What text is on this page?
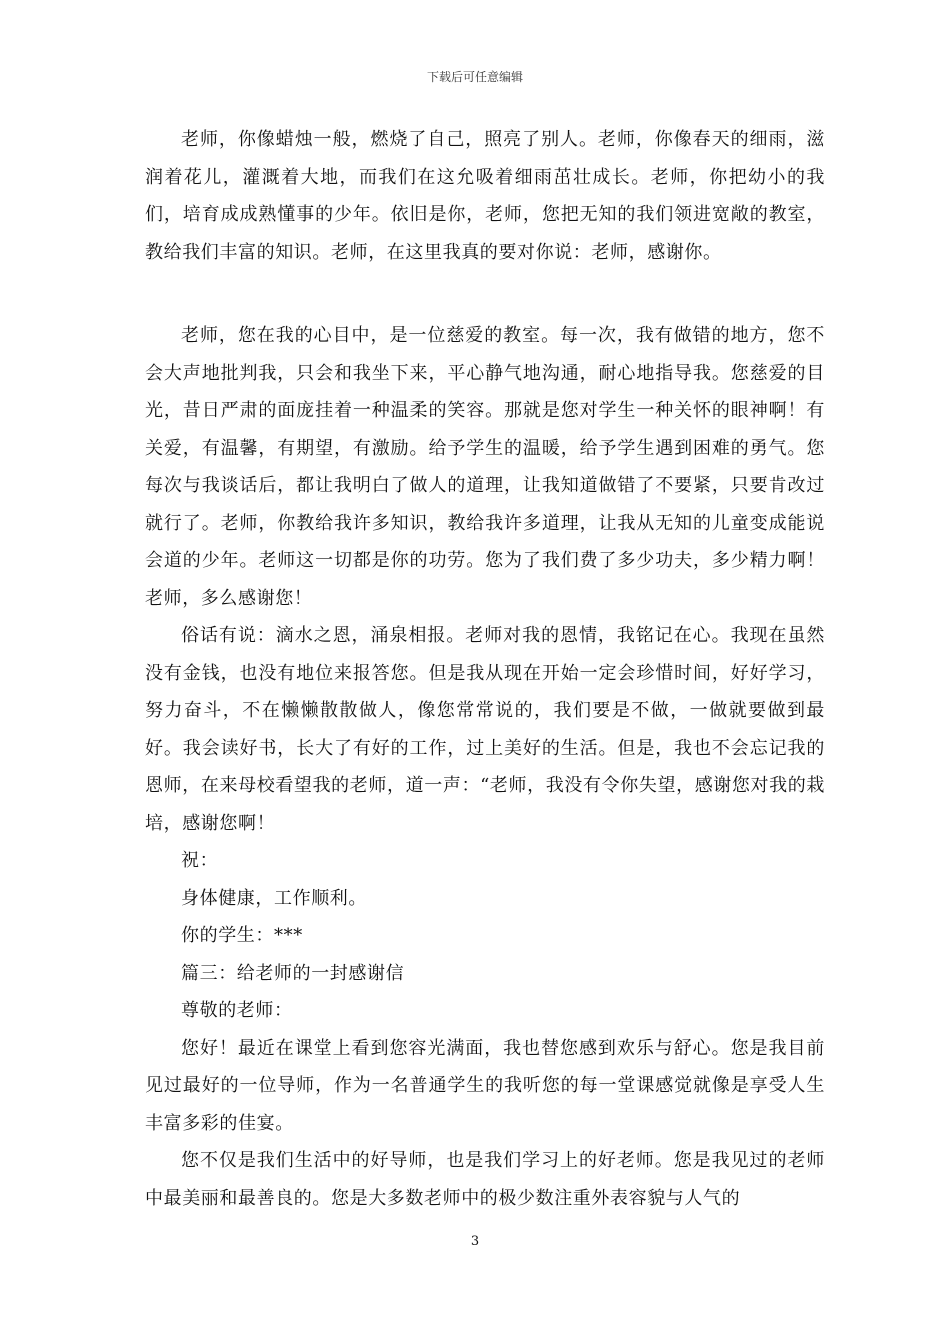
下载后可任意编辑

老师，你像蜡烛一般，燃烧了自己，照亮了别人。老师，你像春天的细雨，滋润着花儿，灌溉着大地，而我们在这允吸着细雨茁壮成长。老师，你把幼小的我们，培育成成熟懂事的少年。依旧是你，老师，您把无知的我们领进宽敞的教室，教给我们丰富的知识。老师，在这里我真的要对你说：老师，感谢你。

老师，您在我的心目中，是一位慈爱的教室。每一次，我有做错的地方，您不会大声地批判我，只会和我坐下来，平心静气地沟通，耐心地指导我。您慈爱的目光，昔日严肃的面庞挂着一种温柔的笑容。那就是您对学生一种关怀的眼神啊！有关爱，有温馨，有期望，有激励。给予学生的温暖，给予学生遇到困难的勇气。您每次与我谈话后，都让我明白了做人的道理，让我知道做错了不要紧，只要肯改过就行了。老师，你教给我许多知识，教给我许多道理，让我从无知的儿童变成能说会道的少年。老师这一切都是你的功劳。您为了我们费了多少功夫，多少精力啊！老师，多么感谢您！

俗话有说：滴水之恩，涌泉相报。老师对我的恩情，我铭记在心。我现在虽然没有金钱，也没有地位来报答您。但是我从现在开始一定会珍惜时间，好好学习，努力奋斗，不在懒懒散散做人，像您常常说的，我们要是不做，一做就要做到最好。我会读好书，长大了有好的工作，过上美好的生活。但是，我也不会忘记我的恩师，在来母校看望我的老师，道一声：“老师，我没有令你失望，感谢您对我的栽培，感谢您啊！

祝：

身体健康，工作顺利。

你的学生：***

篇三：给老师的一封感谢信

尊敬的老师：

您好！最近在课堂上看到您容光满面，我也替您感到欢乐与舒心。您是我目前见过最好的一位导师，作为一名普通学生的我听您的每一堂课感觉就像是享受人生丰富多彩的佳宴。

您不仅是我们生活中的好导师，也是我们学习上的好老师。您是我见过的老师中最美丽和最善良的。您是大多数老师中的极少数注重外表容貌与人气的

3
